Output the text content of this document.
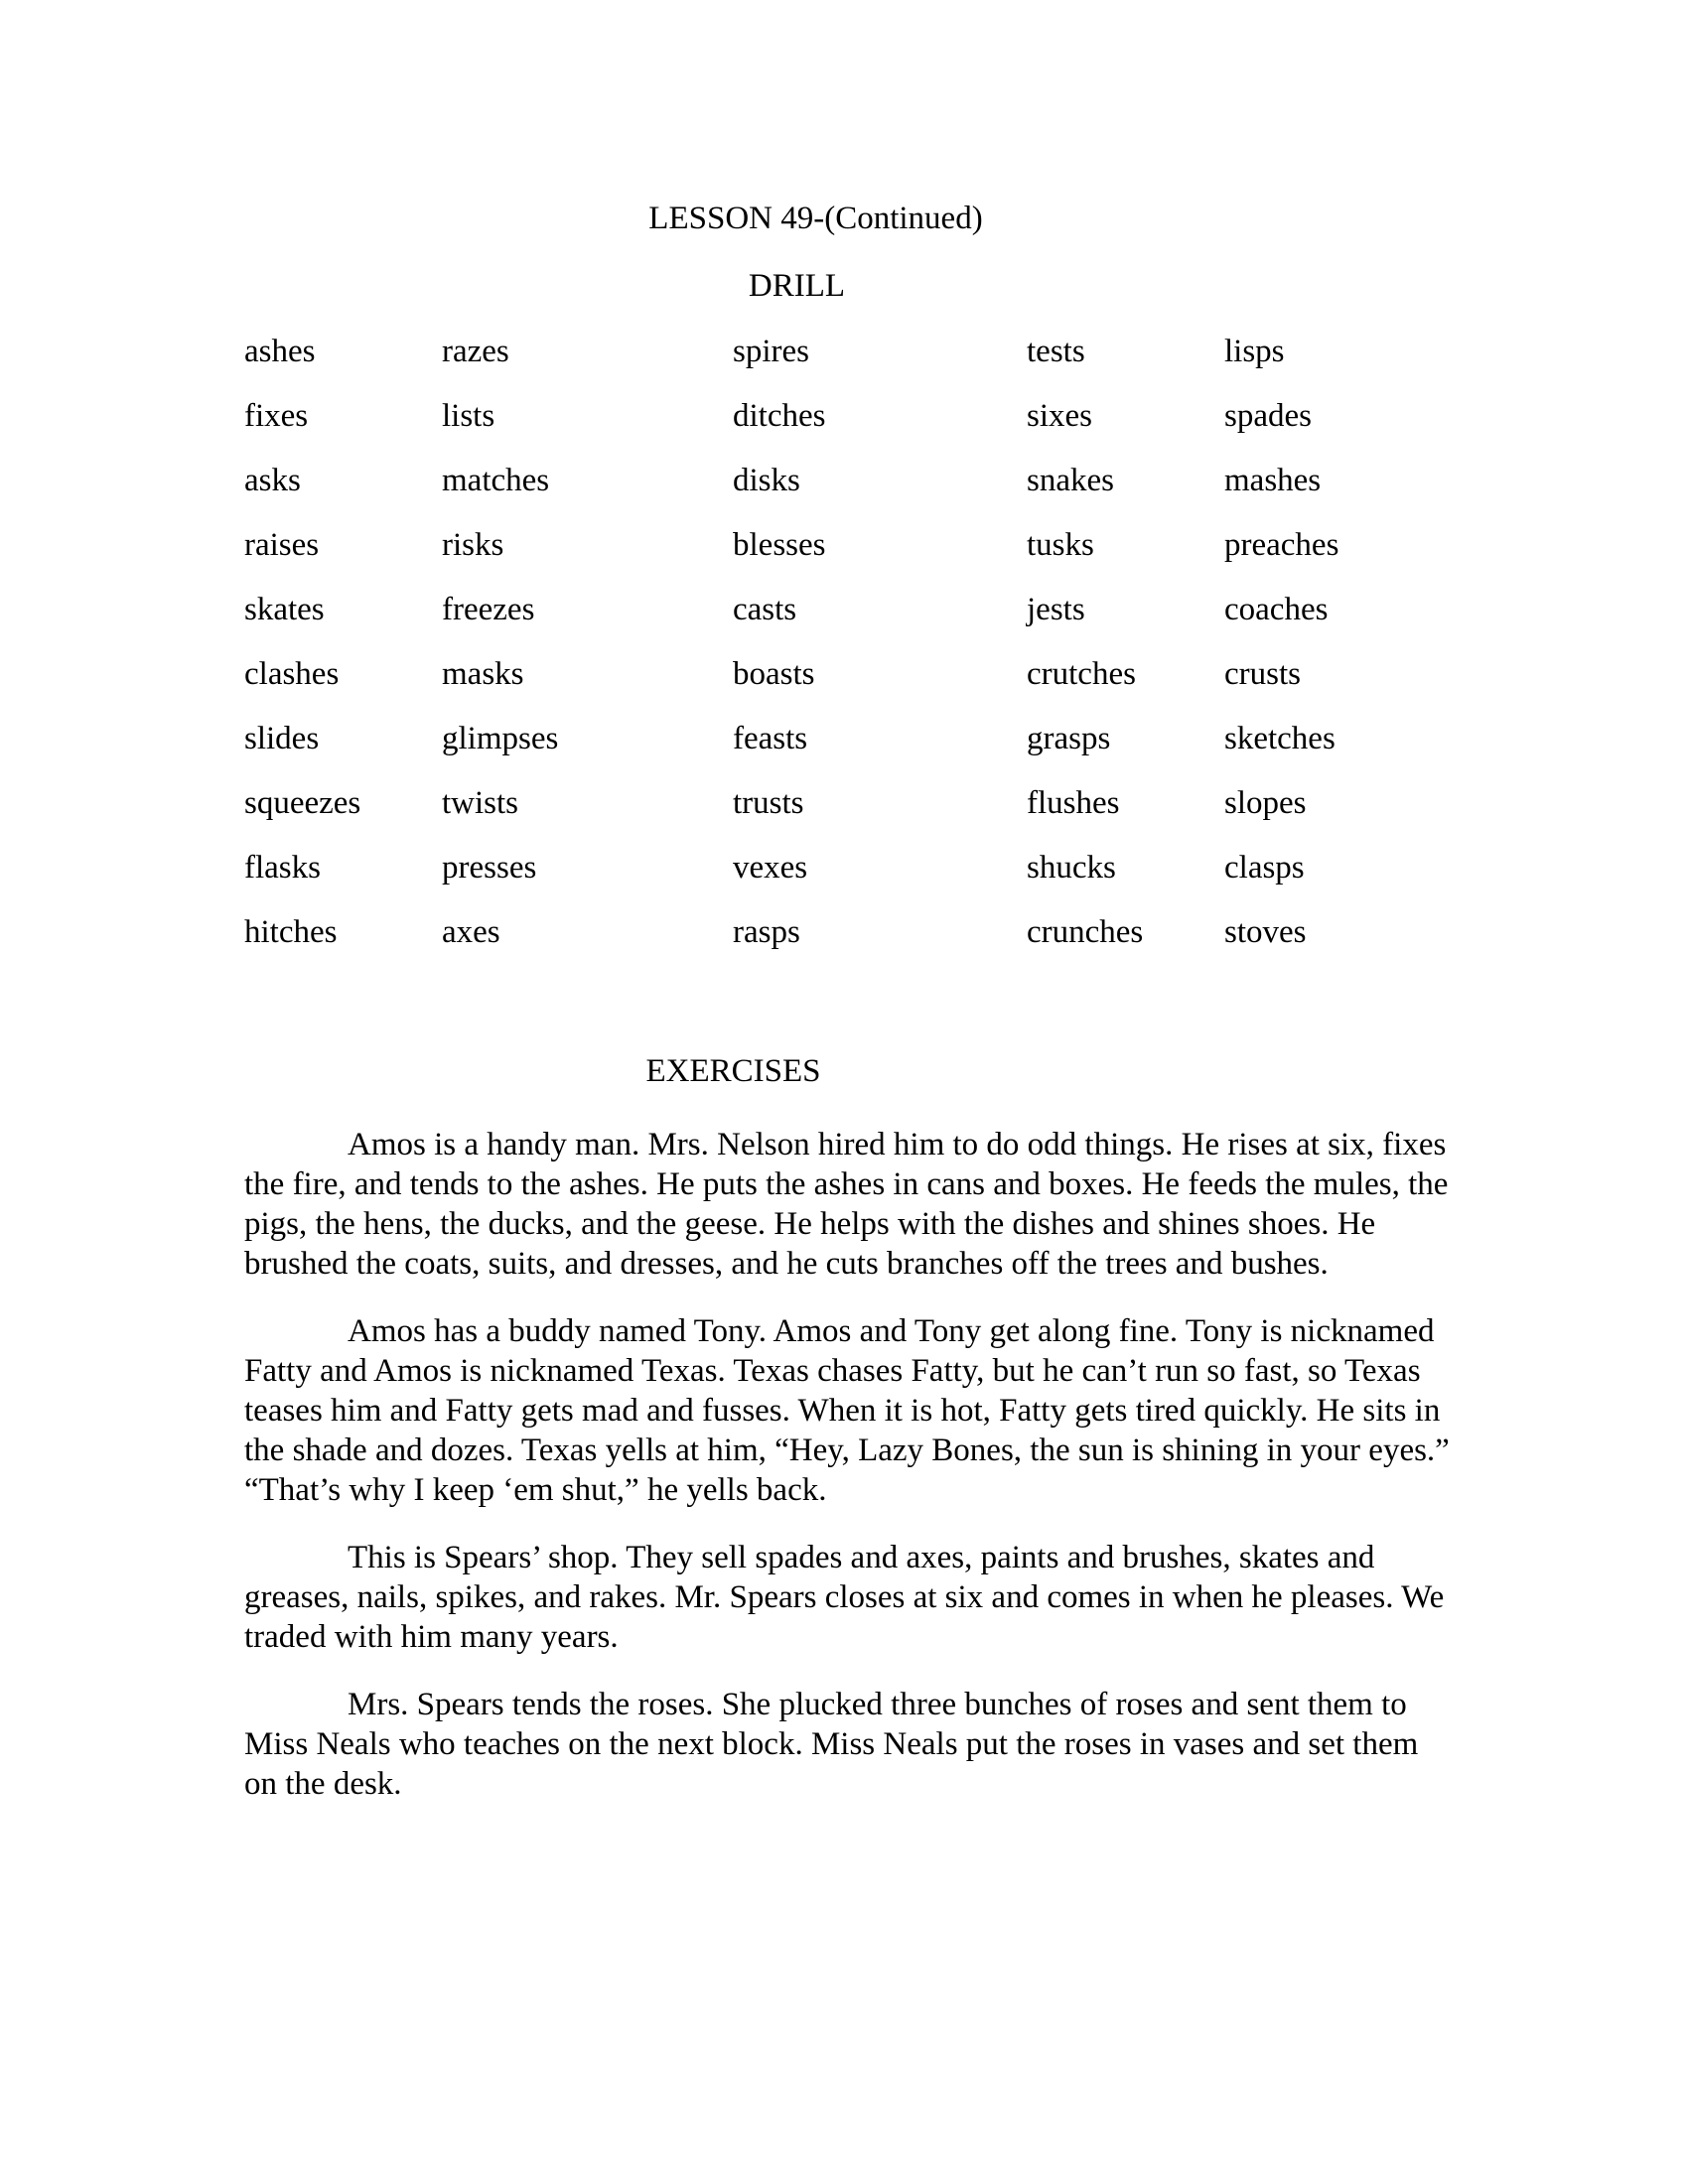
LESSON 49-(Continued)
DRILL
ashes	razes	spires	tests	lisps
fixes	lists	ditches	sixes	spades
asks	matches	disks	snakes	mashes
raises	risks	blesses	tusks	preaches
skates	freezes	casts	jests	coaches
clashes	masks	boasts	crutches	crusts
slides	glimpses	feasts	grasps	sketches
squeezes	twists	trusts	flushes	slopes
flasks	presses	vexes	shucks	clasps
hitches	axes	rasps	crunches	stoves
EXERCISES

Amos is a handy man. Mrs. Nelson hired him to do odd things. He rises at six, fixes the fire, and tends to the ashes. He puts the ashes in cans and boxes. He feeds the mules, the pigs, the hens, the ducks, and the geese. He helps with the dishes and shines shoes. He brushed the coats, suits, and dresses, and he cuts branches off the trees and bushes.

Amos has a buddy named Tony. Amos and Tony get along fine. Tony is nicknamed Fatty and Amos is nicknamed Texas. Texas chases Fatty, but he can’t run so fast, so Texas teases him and Fatty gets mad and fusses. When it is hot, Fatty gets tired quickly. He sits in the shade and dozes. Texas yells at him, “Hey, Lazy Bones, the sun is shining in your eyes.” “That’s why I keep ‘em shut,” he yells back.

This is Spears’ shop. They sell spades and axes, paints and brushes, skates and greases, nails, spikes, and rakes. Mr. Spears closes at six and comes in when he pleases. We traded with him many years.

Mrs. Spears tends the roses. She plucked three bunches of roses and sent them to Miss Neals who teaches on the next block. Miss Neals put the roses in vases and set them on the desk.
